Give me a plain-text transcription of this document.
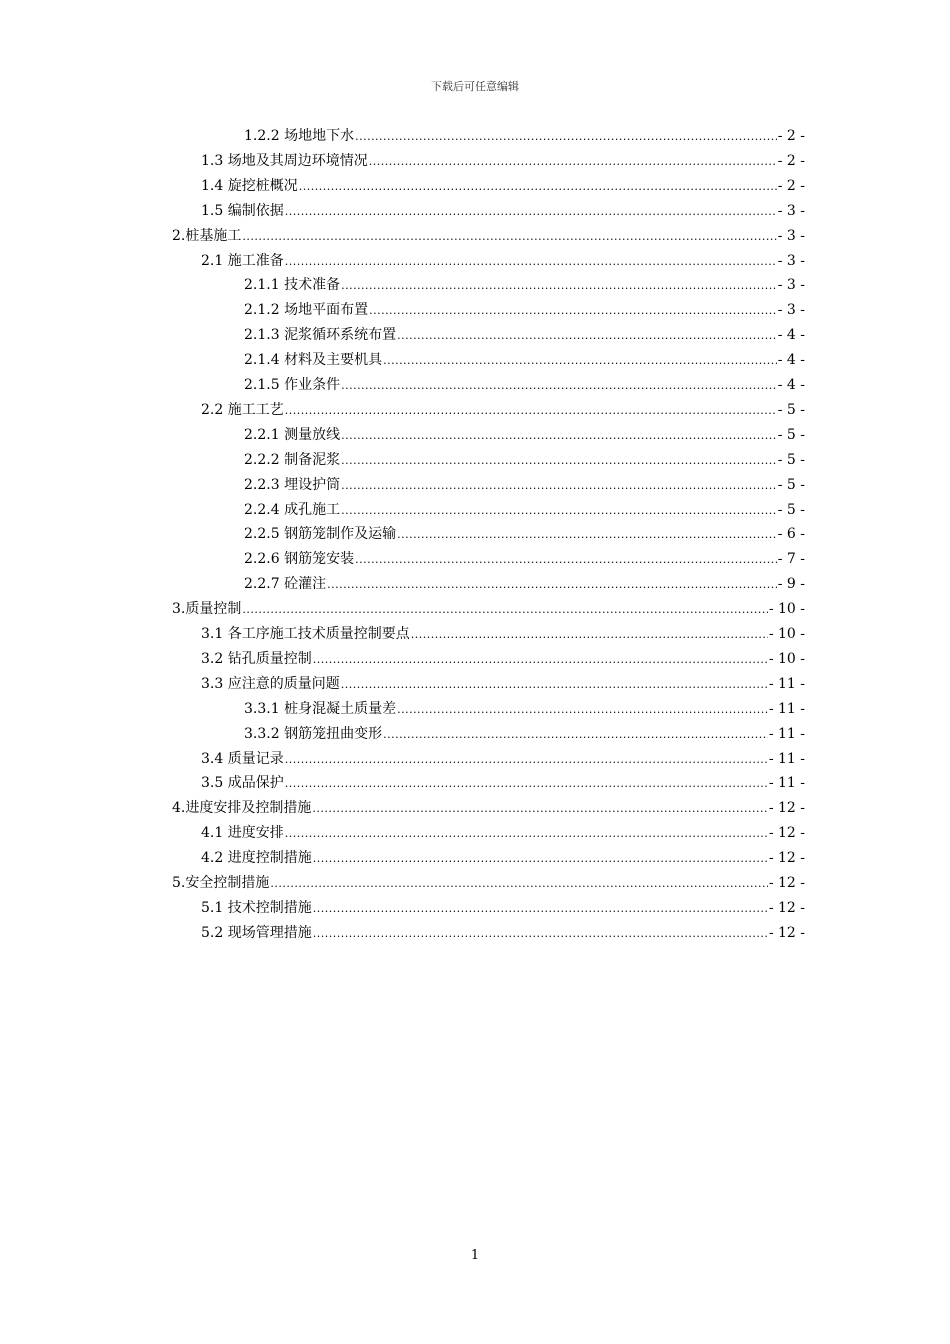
下载后可任意编辑
1.2.2 场地地下水 .....	- 2 -
1.3 场地及其周边环境情况 .....	- 2 -
1.4 旋挖桩概况 .....	- 2 -
1.5 编制依据 .....	- 3 -
2.桩基施工 .....	- 3 -
2.1 施工准备 .....	- 3 -
2.1.1 技术准备 .....	- 3 -
2.1.2 场地平面布置 .....	- 3 -
2.1.3 泥浆循环系统布置 .....	- 4 -
2.1.4 材料及主要机具 .....	- 4 -
2.1.5 作业条件 .....	- 4 -
2.2 施工工艺 .....	- 5 -
2.2.1 测量放线 .....	- 5 -
2.2.2 制备泥浆 .....	- 5 -
2.2.3 埋设护筒 .....	- 5 -
2.2.4 成孔施工 .....	- 5 -
2.2.5 钢筋笼制作及运输 .....	- 6 -
2.2.6 钢筋笼安装 .....	- 7 -
2.2.7 砼灌注 .....	- 9 -
3.质量控制 .....	- 10 -
3.1 各工序施工技术质量控制要点 .....	- 10 -
3.2 钻孔质量控制 .....	- 10 -
3.3 应注意的质量问题 .....	- 11 -
3.3.1 桩身混凝土质量差 .....	- 11 -
3.3.2 钢筋笼扭曲变形 .....	- 11 -
3.4 质量记录 .....	- 11 -
3.5 成品保护 .....	- 11 -
4.进度安排及控制措施 .....	- 12 -
4.1 进度安排 .....	- 12 -
4.2 进度控制措施 .....	- 12 -
5.安全控制措施 .....	- 12 -
5.1 技术控制措施 .....	- 12 -
5.2 现场管理措施 .....	- 12 -
1
